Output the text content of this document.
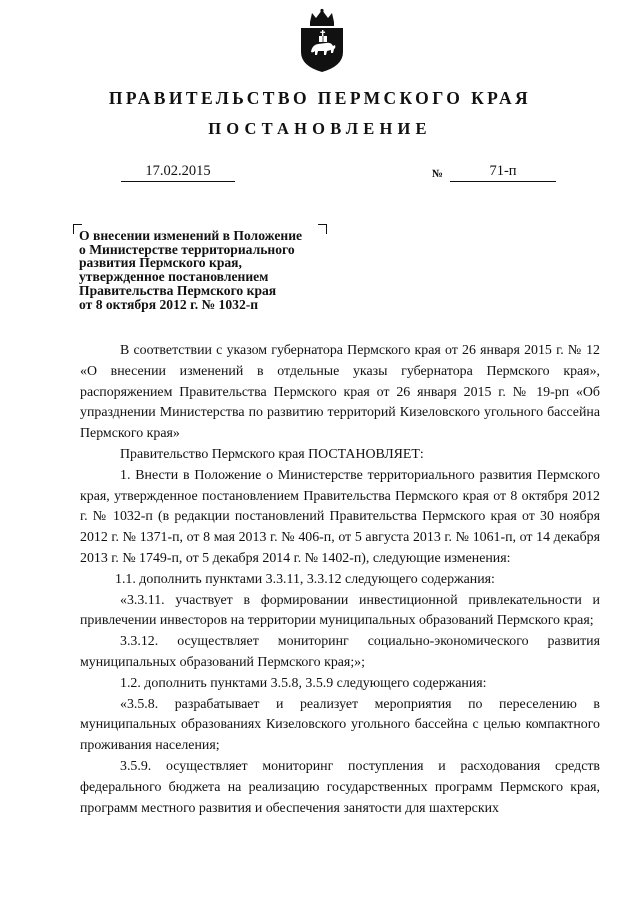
ПРАВИТЕЛЬСТВО ПЕРМСКОГО КРАЯ
ПОСТАНОВЛЕНИЕ
17.02.2015	№	71-п
О внесении изменений в Положение
о Министерстве территориального
развития Пермского края,
утвержденное постановлением
Правительства Пермского края
от 8 октября 2012 г. № 1032-п

В соответствии с указом губернатора Пермского края от 26 января 2015 г. № 12 «О внесении изменений в отдельные указы губернатора Пермского края», распоряжением Правительства Пермского края от 26 января 2015 г. № 19-рп «Об упразднении Министерства по развитию территорий Кизеловского угольного бассейна Пермского края»

Правительство Пермского края ПОСТАНОВЛЯЕТ:

1. Внести в Положение о Министерстве территориального развития Пермского края, утвержденное постановлением Правительства Пермского края от 8 октября 2012 г. № 1032-п (в редакции постановлений Правительства Пермского края от 30 ноября 2012 г. № 1371-п, от 8 мая 2013 г. № 406-п, от 5 августа 2013 г. № 1061-п, от 14 декабря 2013 г. № 1749-п, от 5 декабря 2014 г. № 1402-п), следующие изменения:

1.1. дополнить пунктами 3.3.11, 3.3.12 следующего содержания:

«3.3.11. участвует в формировании инвестиционной привлекательности и привлечении инвесторов на территории муниципальных образований Пермского края;

3.3.12. осуществляет мониторинг социально-экономического развития муниципальных образований Пермского края;»;

1.2. дополнить пунктами 3.5.8, 3.5.9 следующего содержания:

«3.5.8. разрабатывает и реализует мероприятия по переселению в муниципальных образованиях Кизеловского угольного бассейна с целью компактного проживания населения;

3.5.9. осуществляет мониторинг поступления и расходования средств федерального бюджета на реализацию государственных программ Пермского края, программ местного развития и обеспечения занятости для шахтерских
